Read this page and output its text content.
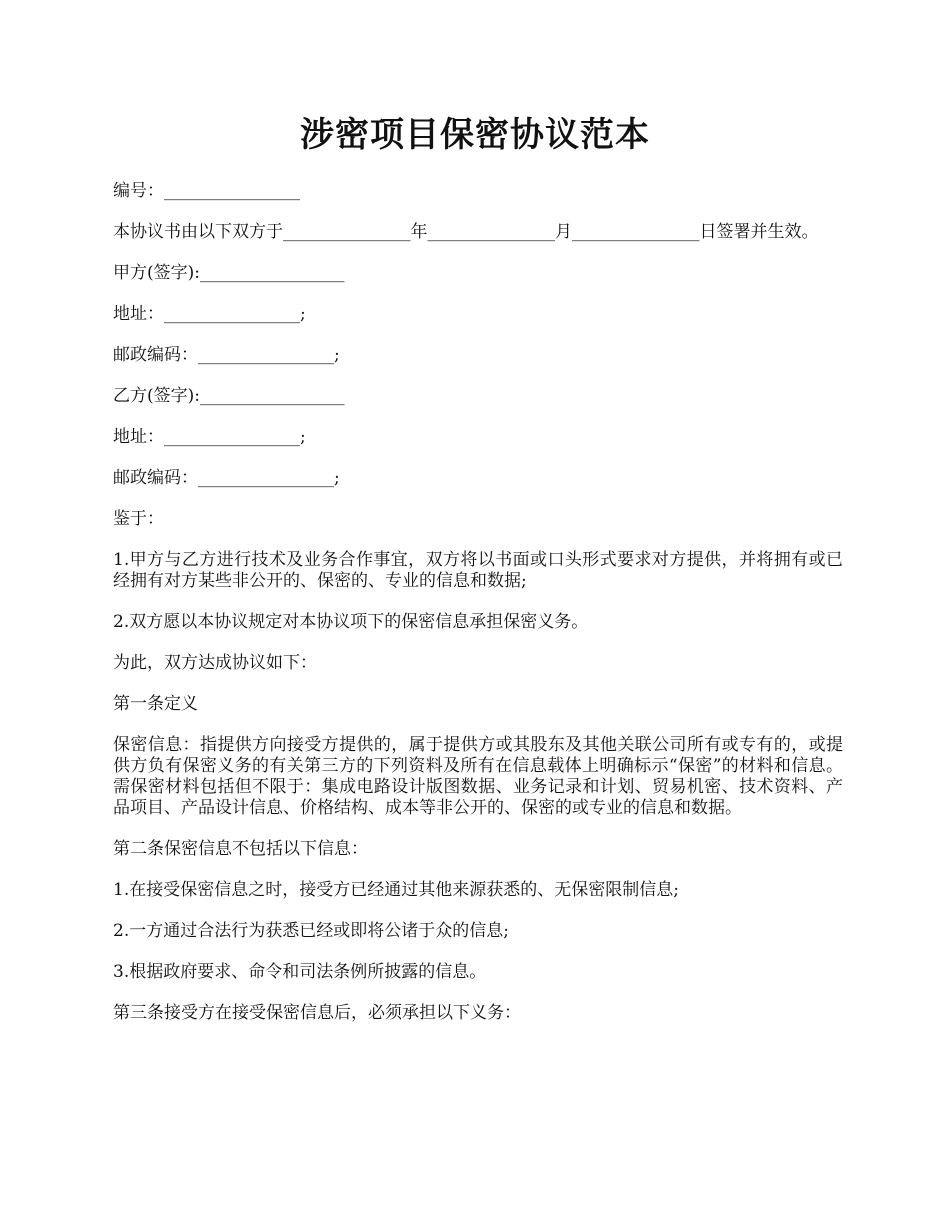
涉密项目保密协议范本

编号：________________

本协议书由以下双方于_______________年_______________月_______________日签署并生效。

甲方(签字):_________________

地址：________________;

邮政编码：________________;

乙方(签字):_________________

地址：________________;

邮政编码：________________;

鉴于：

1.甲方与乙方进行技术及业务合作事宜，双方将以书面或口头形式要求对方提供，并将拥有或已经拥有对方某些非公开的、保密的、专业的信息和数据;

2.双方愿以本协议规定对本协议项下的保密信息承担保密义务。

为此，双方达成协议如下：

第一条定义

保密信息：指提供方向接受方提供的，属于提供方或其股东及其他关联公司所有或专有的，或提供方负有保密义务的有关第三方的下列资料及所有在信息载体上明确标示“保密”的材料和信息。需保密材料包括但不限于：集成电路设计版图数据、业务记录和计划、贸易机密、技术资料、产品项目、产品设计信息、价格结构、成本等非公开的、保密的或专业的信息和数据。

第二条保密信息不包括以下信息：

1.在接受保密信息之时，接受方已经通过其他来源获悉的、无保密限制信息;

2.一方通过合法行为获悉已经或即将公诸于众的信息;

3.根据政府要求、命令和司法条例所披露的信息。

第三条接受方在接受保密信息后，必须承担以下义务：
